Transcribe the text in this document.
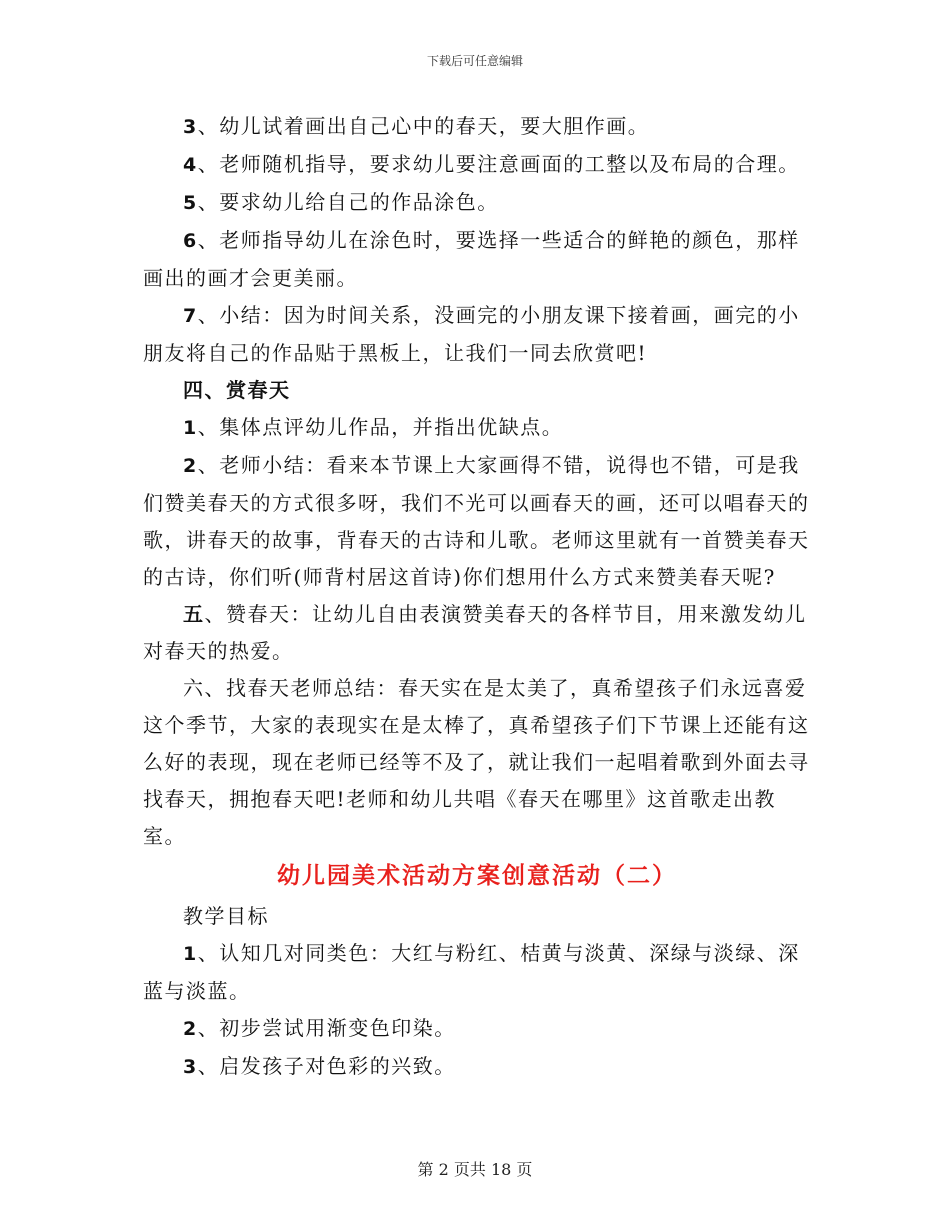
下载后可任意编辑

3、幼儿试着画出自己心中的春天，要大胆作画。

4、老师随机指导，要求幼儿要注意画面的工整以及布局的合理。

5、要求幼儿给自己的作品涂色。

6、老师指导幼儿在涂色时，要选择一些适合的鲜艳的颜色，那样画出的画才会更美丽。

7、小结：因为时间关系，没画完的小朋友课下接着画，画完的小朋友将自己的作品贴于黑板上，让我们一同去欣赏吧!

四、赏春天

1、集体点评幼儿作品，并指出优缺点。

2、老师小结：看来本节课上大家画得不错，说得也不错，可是我们赞美春天的方式很多呀，我们不光可以画春天的画，还可以唱春天的歌，讲春天的故事，背春天的古诗和儿歌。老师这里就有一首赞美春天的古诗，你们听(师背村居这首诗)你们想用什么方式来赞美春天呢?

五、赞春天：让幼儿自由表演赞美春天的各样节目，用来激发幼儿对春天的热爱。

六、找春天老师总结：春天实在是太美了，真希望孩子们永远喜爱这个季节，大家的表现实在是太棒了，真希望孩子们下节课上还能有这么好的表现，现在老师已经等不及了，就让我们一起唱着歌到外面去寻找春天，拥抱春天吧!老师和幼儿共唱《春天在哪里》这首歌走出教室。

幼儿园美术活动方案创意活动（二）

教学目标

1、认知几对同类色：大红与粉红、桔黄与淡黄、深绿与淡绿、深蓝与淡蓝。

2、初步尝试用渐变色印染。

3、启发孩子对色彩的兴致。

第 2 页共 18 页
